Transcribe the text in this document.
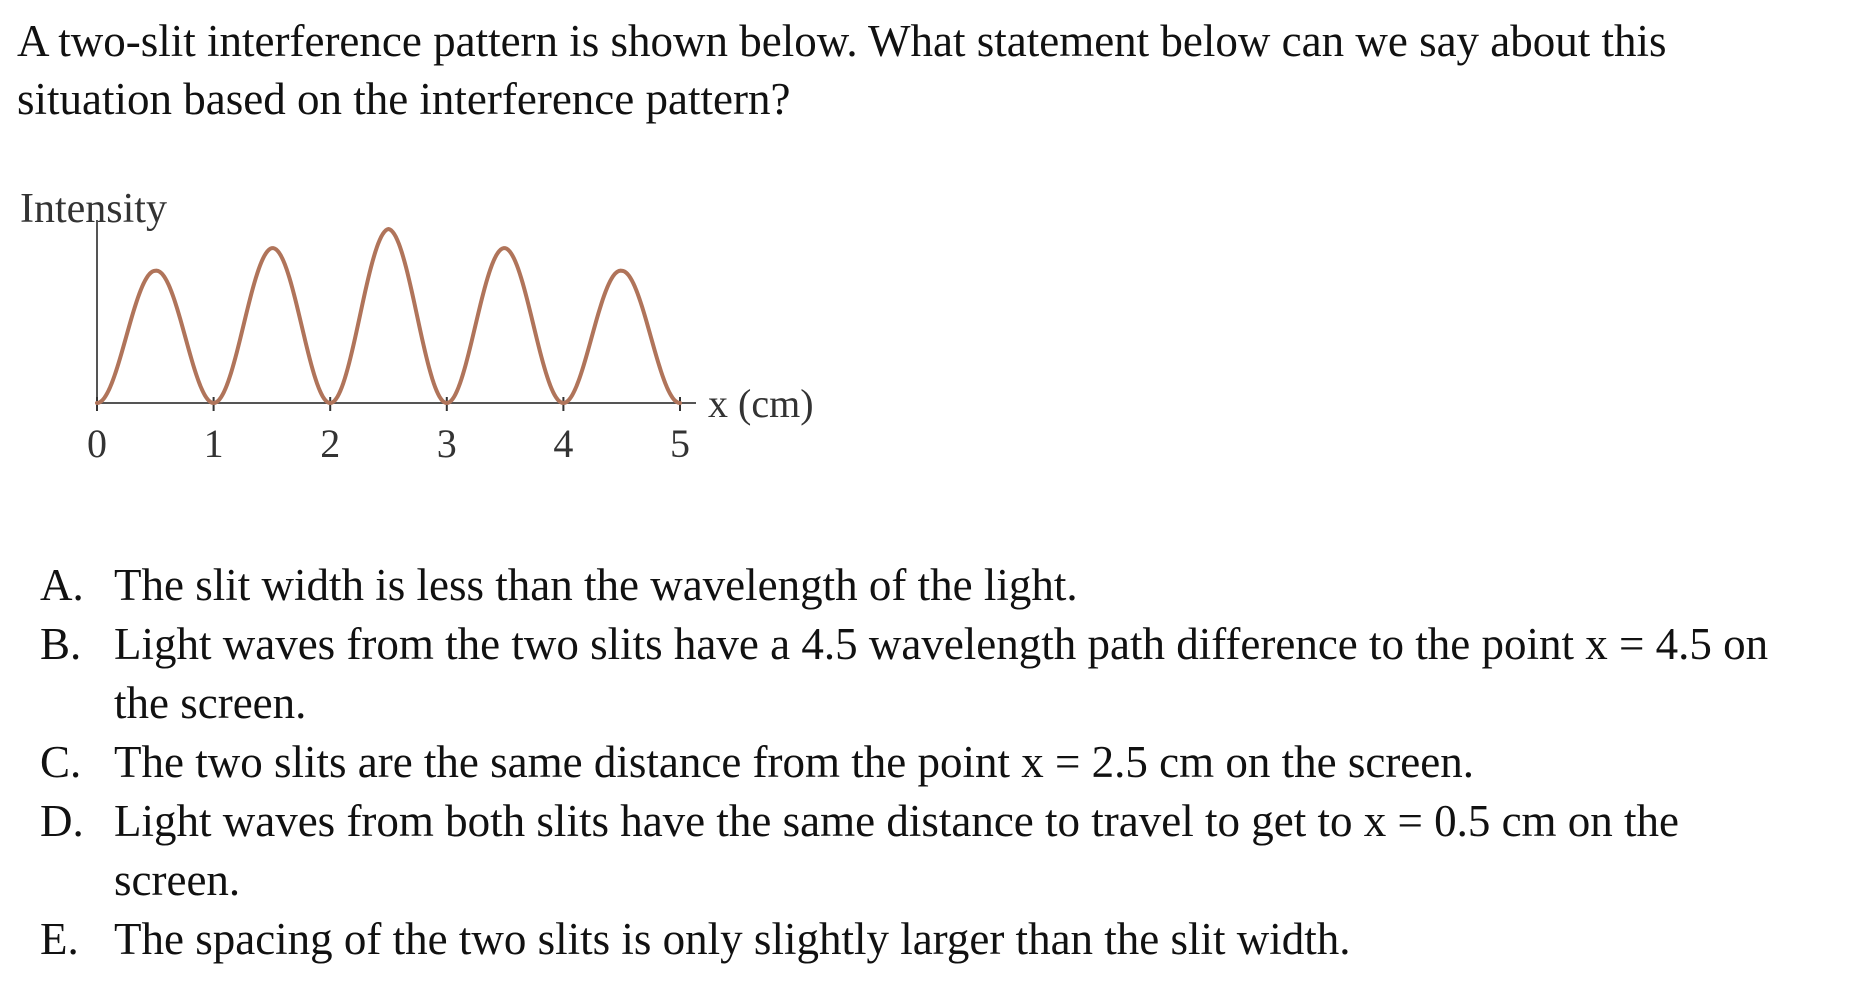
A two-slit interference pattern is shown below. What statement below can we say about this situation based on the interference pattern?

Intensity
0 1 2 3 4 5
x (cm)
A. The slit width is less than the wavelength of the light.
B. Light waves from the two slits have a 4.5 wavelength path difference to the point x = 4.5 on the screen.
C. The two slits are the same distance from the point x = 2.5 cm on the screen.
D. Light waves from both slits have the same distance to travel to get to x = 0.5 cm on the screen.
E. The spacing of the two slits is only slightly larger than the slit width.
